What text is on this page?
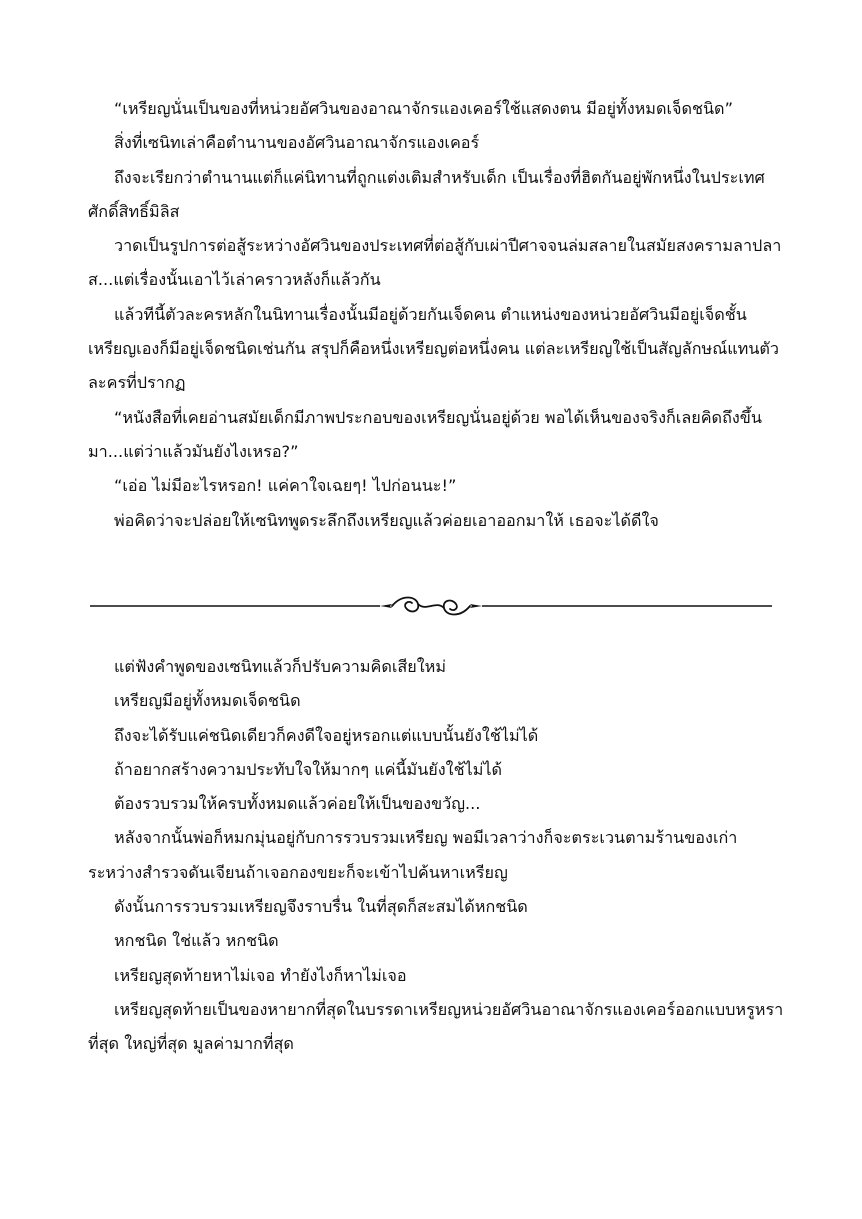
“เหรียญนั่นเป็นของที่หน่วยอัศวินของอาณาจักรแองเคอร์ใช้แสดงตน มีอยู่ทั้งหมดเจ็ดชนิด”

สิ่งที่เซนิทเล่าคือตำนานของอัศวินอาณาจักรแองเคอร์

ถึงจะเรียกว่าตำนานแต่ก็แค่นิทานที่ถูกแต่งเติมสำหรับเด็ก เป็นเรื่องที่ฮิตกันอยู่พักหนึ่งในประเทศศักดิ์สิทธิ์มิลิส

วาดเป็นรูปการต่อสู้ระหว่างอัศวินของประเทศที่ต่อสู้กับเผ่าปีศาจจนล่มสลายในสมัยสงครามลาปลาส...แต่เรื่องนั้นเอาไว้เล่าคราวหลังก็แล้วกัน

แล้วทีนี้ตัวละครหลักในนิทานเรื่องนั้นมีอยู่ด้วยกันเจ็ดคน ตำแหน่งของหน่วยอัศวินมีอยู่เจ็ดชั้น เหรียญเองก็มีอยู่เจ็ดชนิดเช่นกัน สรุปก็คือหนึ่งเหรียญต่อหนึ่งคน แต่ละเหรียญใช้เป็นสัญลักษณ์แทนตัวละครที่ปรากฏ

“หนังสือที่เคยอ่านสมัยเด็กมีภาพประกอบของเหรียญนั่นอยู่ด้วย พอได้เห็นของจริงก็เลยคิดถึงขึ้นมา...แต่ว่าแล้วมันยังไงเหรอ?”

“เอ่อ ไม่มีอะไรหรอก! แค่คาใจเฉยๆ! ไปก่อนนะ!”

พ่อคิดว่าจะปล่อยให้เซนิทพูดระลึกถึงเหรียญแล้วค่อยเอาออกมาให้ เธอจะได้ดีใจ

แต่ฟังคำพูดของเซนิทแล้วก็ปรับความคิดเสียใหม่

เหรียญมีอยู่ทั้งหมดเจ็ดชนิด

ถึงจะได้รับแค่ชนิดเดียวก็คงดีใจอยู่หรอกแต่แบบนั้นยังใช้ไม่ได้

ถ้าอยากสร้างความประทับใจให้มากๆ แค่นี้มันยังใช้ไม่ได้

ต้องรวบรวมให้ครบทั้งหมดแล้วค่อยให้เป็นของขวัญ...

หลังจากนั้นพ่อก็หมกมุ่นอยู่กับการรวบรวมเหรียญ พอมีเวลาว่างก็จะตระเวนตามร้านของเก่า ระหว่างสำรวจดันเจียนถ้าเจอกองขยะก็จะเข้าไปค้นหาเหรียญ

ดังนั้นการรวบรวมเหรียญจึงราบรื่น ในที่สุดก็สะสมได้หกชนิด

หกชนิด ใช่แล้ว หกชนิด

เหรียญสุดท้ายหาไม่เจอ ทำยังไงก็หาไม่เจอ

เหรียญสุดท้ายเป็นของหายากที่สุดในบรรดาเหรียญหน่วยอัศวินอาณาจักรแองเคอร์ออกแบบหรูหราที่สุด ใหญ่ที่สุด มูลค่ามากที่สุด
